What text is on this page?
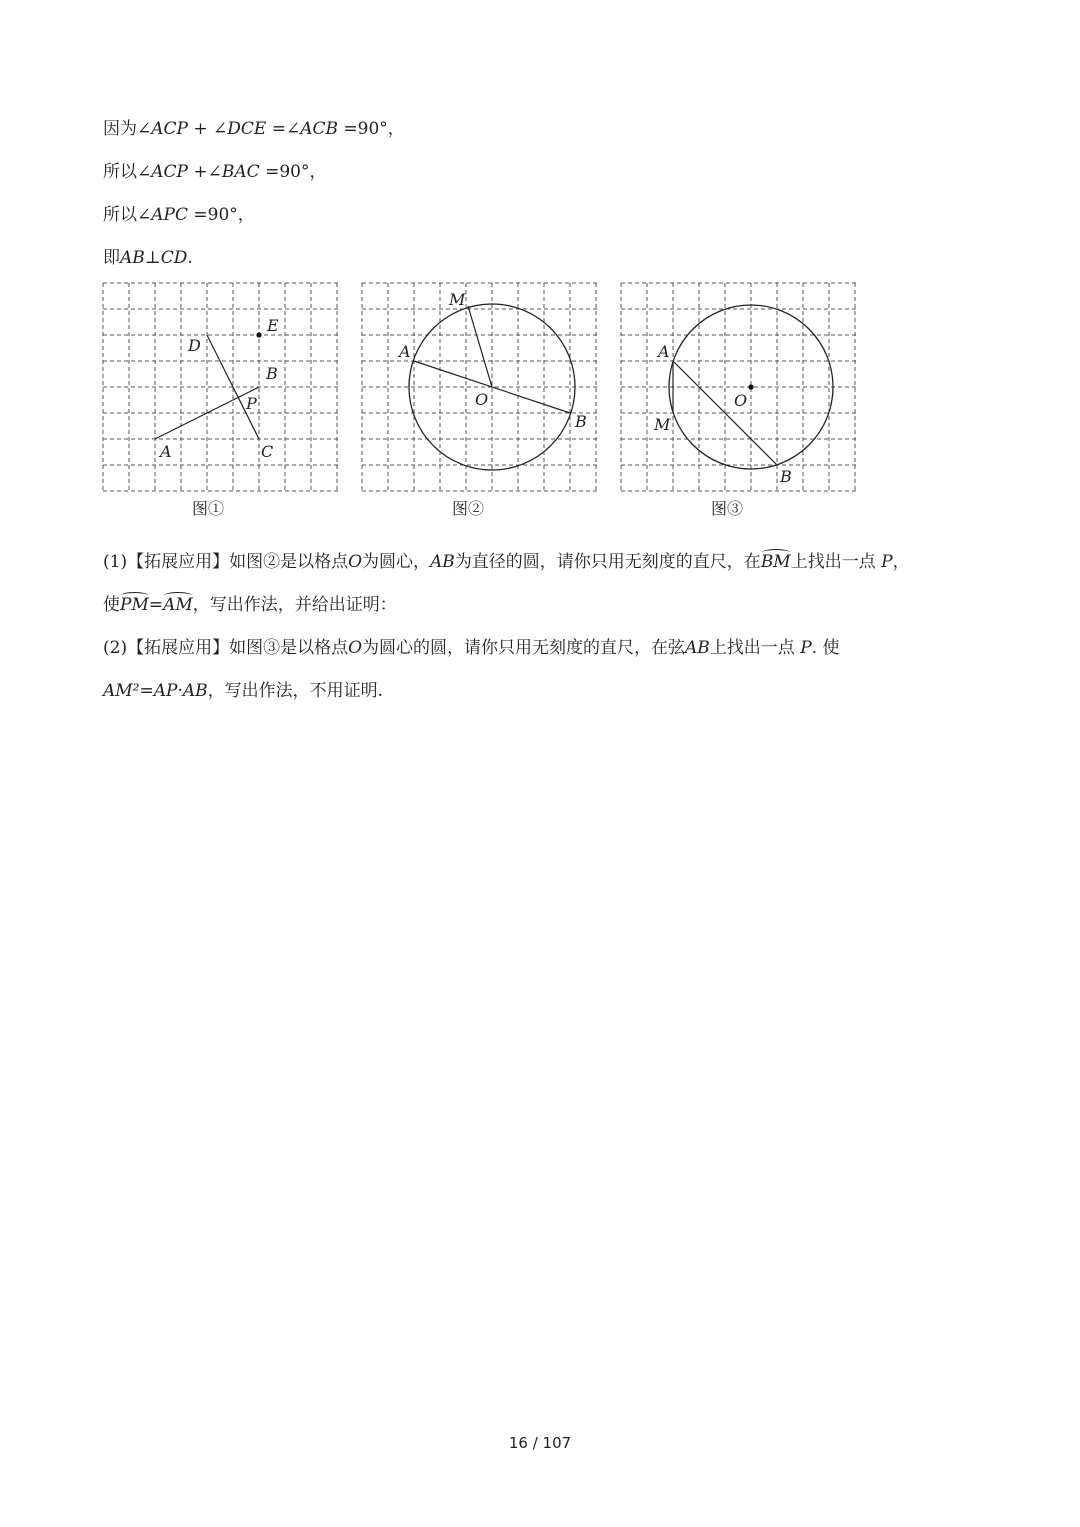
因为∠ACP + ∠DCE =∠ACB =90°，
所以∠ACP +∠BAC =90°，
所以∠APC =90°，
即AB⊥CD.
A
B
C
D
E
P
图①
A
B
M
O
图②
A
B
M
O
图③
(1)【拓展应用】如图②是以格点O为圆心，AB为直径的圆，请你只用无刻度的直尺，在BM上找出一点 P，
使PM=AM，写出作法，并给出证明：
(2)【拓展应用】如图③是以格点O为圆心的圆，请你只用无刻度的直尺，在弦AB上找出一点 P. 使
AM²=AP·AB，写出作法，不用证明.
16 / 107
